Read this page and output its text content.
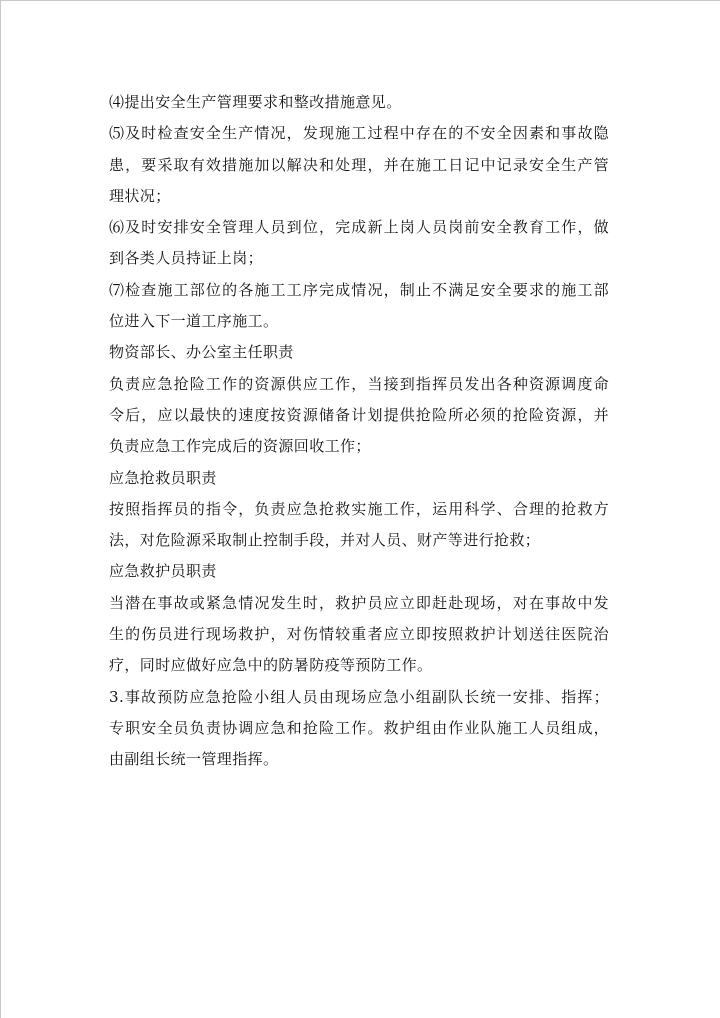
⑷提出安全生产管理要求和整改措施意见。
⑸及时检查安全生产情况，发现施工过程中存在的不安全因素和事故隐
患，要采取有效措施加以解决和处理，并在施工日记中记录安全生产管
理状况；
⑹及时安排安全管理人员到位，完成新上岗人员岗前安全教育工作，做
到各类人员持证上岗；
⑺检查施工部位的各施工工序完成情况，制止不满足安全要求的施工部
位进入下一道工序施工。
物资部长、办公室主任职责
负责应急抢险工作的资源供应工作，当接到指挥员发出各种资源调度命
令后，应以最快的速度按资源储备计划提供抢险所必须的抢险资源，并
负责应急工作完成后的资源回收工作；
应急抢救员职责
按照指挥员的指令，负责应急抢救实施工作，运用科学、合理的抢救方
法，对危险源采取制止控制手段，并对人员、财产等进行抢救；
应急救护员职责
当潜在事故或紧急情况发生时，救护员应立即赶赴现场，对在事故中发
生的伤员进行现场救护，对伤情较重者应立即按照救护计划送往医院治
疗，同时应做好应急中的防暑防疫等预防工作。
3.事故预防应急抢险小组人员由现场应急小组副队长统一安排、指挥；
专职安全员负责协调应急和抢险工作。救护组由作业队施工人员组成，
由副组长统一管理指挥。
